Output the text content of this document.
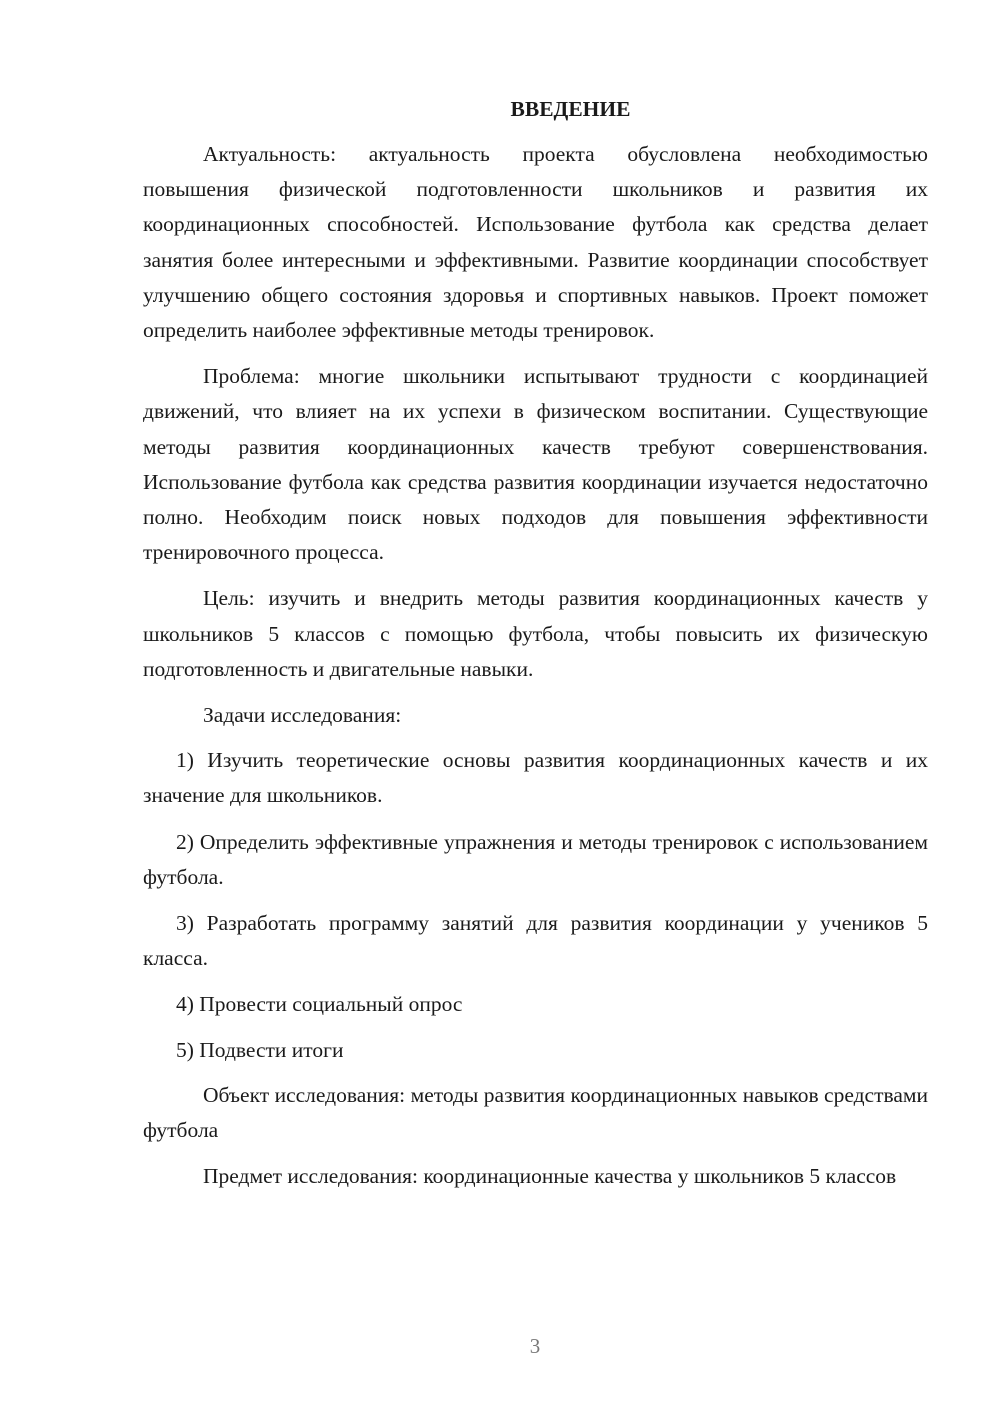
ВВЕДЕНИЕ

Актуальность: актуальность проекта обусловлена необходимостью повышения физической подготовленности школьников и развития их координационных способностей. Использование футбола как средства делает занятия более интересными и эффективными. Развитие координации способствует улучшению общего состояния здоровья и спортивных навыков. Проект поможет определить наиболее эффективные методы тренировок.

Проблема: многие школьники испытывают трудности с координацией движений, что влияет на их успехи в физическом воспитании. Существующие методы развития координационных качеств требуют совершенствования. Использование футбола как средства развития координации изучается недостаточно полно. Необходим поиск новых подходов для повышения эффективности тренировочного процесса.

Цель: изучить и внедрить методы развития координационных качеств у школьников 5 классов с помощью футбола, чтобы повысить их физическую подготовленность и двигательные навыки.

Задачи исследования:

1) Изучить теоретические основы развития координационных качеств и их значение для школьников.

2) Определить эффективные упражнения и методы тренировок с использованием футбола.

3) Разработать программу занятий для развития координации у учеников 5 класса.

4) Провести социальный опрос

5) Подвести итоги

Объект исследования: методы развития координационных навыков средствами футбола

Предмет исследования: координационные качества у школьников 5 классов

3
